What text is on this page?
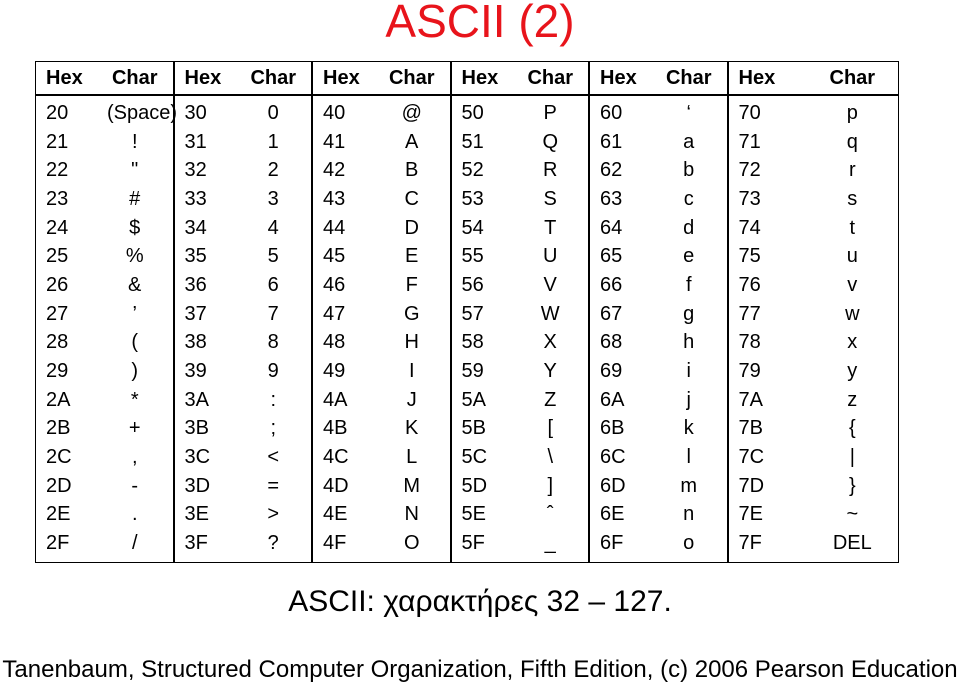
ASCII (2)
Hex	Char
20	(Space)
21	!
22	"
23	#
24	$
25	%
26	&
27	’
28	(
29	)
2A	*
2B	+
2C	,
2D	-
2E	.
2F	/
Hex	Char
30	0
31	1
32	2
33	3
34	4
35	5
36	6
37	7
38	8
39	9
3A	:
3B	;
3C	<
3D	=
3E	>
3F	?
Hex	Char
40	@
41	A
42	B
43	C
44	D
45	E
46	F
47	G
48	H
49	I
4A	J
4B	K
4C	L
4D	M
4E	N
4F	O
Hex	Char
50	P
51	Q
52	R
53	S
54	T
55	U
56	V
57	W
58	X
59	Y
5A	Z
5B	[
5C	\
5D	]
5E	ˆ
5F	_
Hex	Char
60	‘
61	a
62	b
63	c
64	d
65	e
66	f
67	g
68	h
69	i
6A	j
6B	k
6C	l
6D	m
6E	n
6F	o
Hex	Char
70	p
71	q
72	r
73	s
74	t
75	u
76	v
77	w
78	x
79	y
7A	z
7B	{
7C	|
7D	}
7E	~
7F	DEL
ASCII: χαρακτήρες 32 – 127.
Tanenbaum, Structured Computer Organization, Fifth Edition, (c) 2006 Pearson Education
